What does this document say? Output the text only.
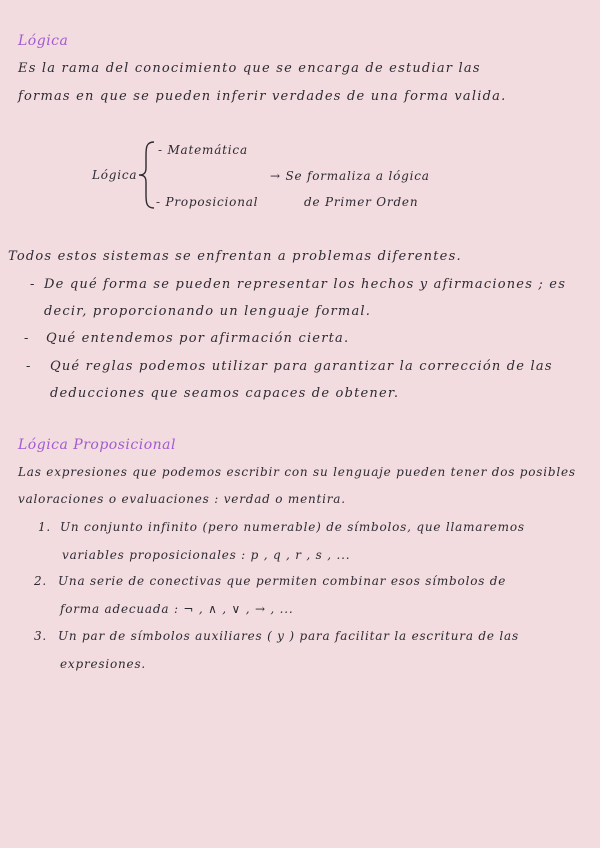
Lógica
Es la rama del conocimiento que se encarga de estudiar las
formas en que se pueden inferir verdades de una forma valida.
Lógica
- Matemática
- Proposicional
→ Se formaliza a lógica
de Primer Orden
Todos estos sistemas se enfrentan a problemas diferentes.
- De qué forma se pueden representar los hechos y afirmaciones ; es
decir, proporcionando un lenguaje formal.
- Qué entendemos por afirmación cierta.
- Qué reglas podemos utilizar para garantizar la corrección de las
deducciones que seamos capaces de obtener.
Lógica Proposicional
Las expresiones que podemos escribir con su lenguaje pueden tener dos posibles
valoraciones o evaluaciones : verdad o mentira.
1. Un conjunto infinito (pero numerable) de símbolos, que llamaremos
variables proposicionales : p , q , r , s , ...
2. Una serie de conectivas que permiten combinar esos símbolos de
forma adecuada : ¬ , ∧ , ∨ , → , ...
3. Un par de símbolos auxiliares ( y ) para facilitar la escritura de las
expresiones.
